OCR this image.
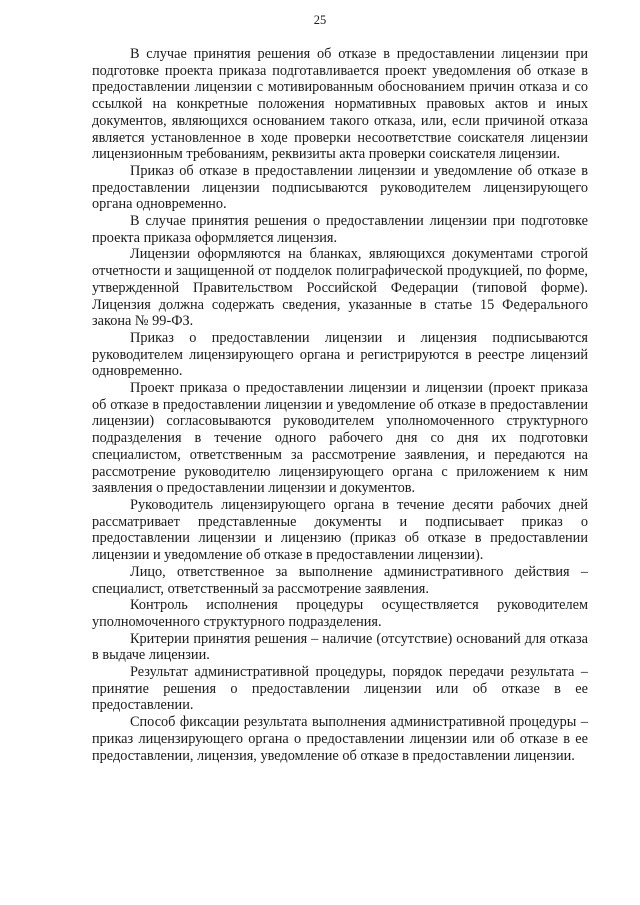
25

В случае принятия решения об отказе в предоставлении лицензии при подготовке проекта приказа подготавливается проект уведомления об отказе в предоставлении лицензии с мотивированным обоснованием причин отказа и со ссылкой на конкретные положения нормативных правовых актов и иных документов, являющихся основанием такого отказа, или, если причиной отказа является установленное в ходе проверки несоответствие соискателя лицензии лицензионным требованиям, реквизиты акта проверки соискателя лицензии.

Приказ об отказе в предоставлении лицензии и уведомление об отказе в предоставлении лицензии подписываются руководителем лицензирующего органа одновременно.

В случае принятия решения о предоставлении лицензии при подготовке проекта приказа оформляется лицензия.

Лицензии оформляются на бланках, являющихся документами строгой отчетности и защищенной от подделок полиграфической продукцией, по форме, утвержденной Правительством Российской Федерации (типовой форме). Лицензия должна содержать сведения, указанные в статье 15 Федерального закона № 99-ФЗ.

Приказ о предоставлении лицензии и лицензия подписываются руководителем лицензирующего органа и регистрируются в реестре лицензий одновременно.

Проект приказа о предоставлении лицензии и лицензии (проект приказа об отказе в предоставлении лицензии и уведомление об отказе в предоставлении лицензии) согласовываются руководителем уполномоченного структурного подразделения в течение одного рабочего дня со дня их подготовки специалистом, ответственным за рассмотрение заявления, и передаются на рассмотрение руководителю лицензирующего органа с приложением к ним заявления о предоставлении лицензии и документов.

Руководитель лицензирующего органа в течение десяти рабочих дней рассматривает представленные документы и подписывает приказ о предоставлении лицензии и лицензию (приказ об отказе в предоставлении лицензии и уведомление об отказе в предоставлении лицензии).

Лицо, ответственное за выполнение административного действия – специалист, ответственный за рассмотрение заявления.

Контроль исполнения процедуры осуществляется руководителем уполномоченного структурного подразделения.

Критерии принятия решения – наличие (отсутствие) оснований для отказа в выдаче лицензии.

Результат административной процедуры, порядок передачи результата – принятие решения о предоставлении лицензии или об отказе в ее предоставлении.

Способ фиксации результата выполнения административной процедуры – приказ лицензирующего органа о предоставлении лицензии или об отказе в ее предоставлении, лицензия, уведомление об отказе в предоставлении лицензии.
